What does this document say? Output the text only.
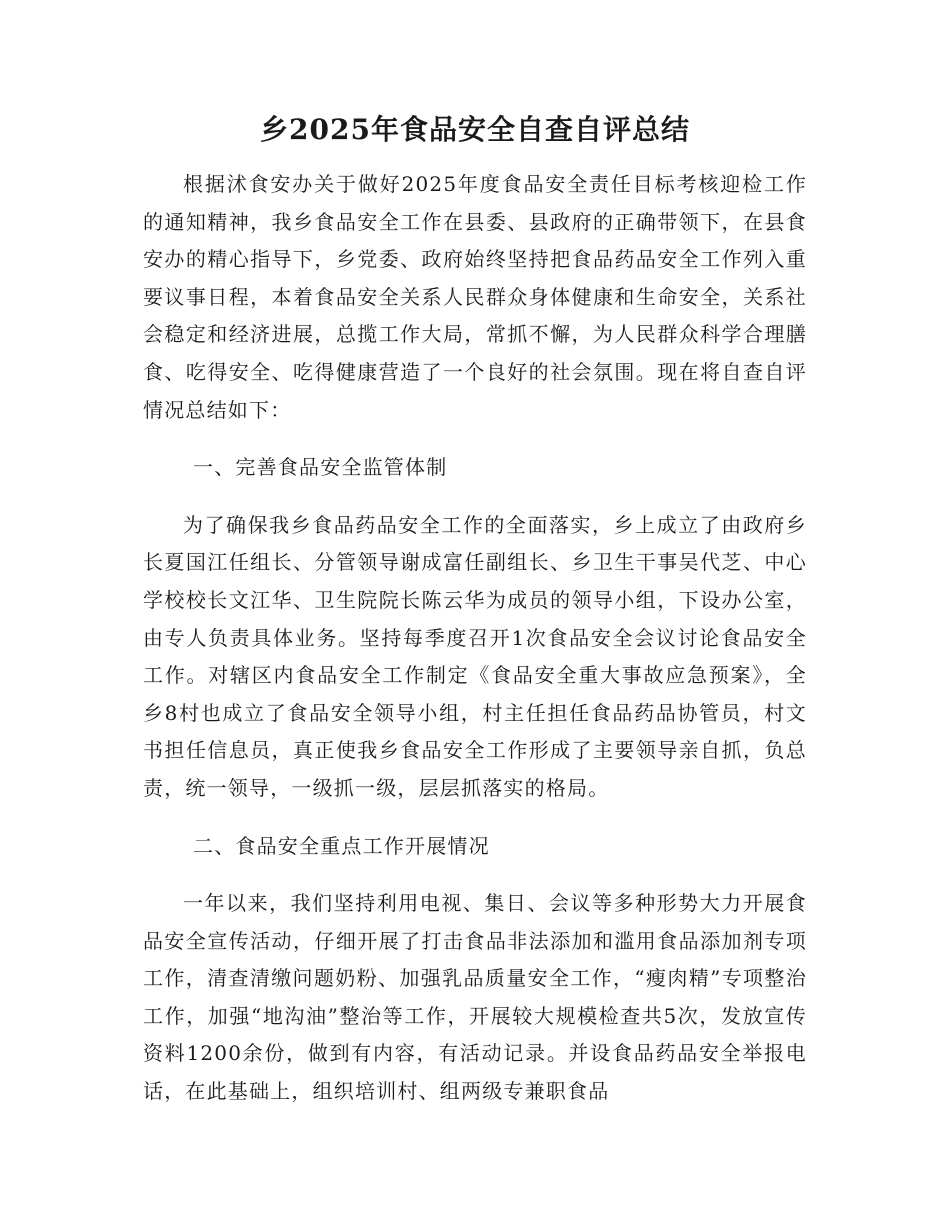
乡2025年食品安全自查自评总结

根据沭食安办关于做好2025年度食品安全责任目标考核迎检工作的通知精神，我乡食品安全工作在县委、县政府的正确带领下，在县食安办的精心指导下，乡党委、政府始终坚持把食品药品安全工作列入重要议事日程，本着食品安全关系人民群众身体健康和生命安全，关系社会稳定和经济进展，总揽工作大局，常抓不懈，为人民群众科学合理膳食、吃得安全、吃得健康营造了一个良好的社会氛围。现在将自查自评情况总结如下：

一、完善食品安全监管体制

为了确保我乡食品药品安全工作的全面落实，乡上成立了由政府乡长夏国江任组长、分管领导谢成富任副组长、乡卫生干事吴代芝、中心学校校长文江华、卫生院院长陈云华为成员的领导小组，下设办公室，由专人负责具体业务。坚持每季度召开1次食品安全会议讨论食品安全工作。对辖区内食品安全工作制定《食品安全重大事故应急预案》，全乡8村也成立了食品安全领导小组，村主任担任食品药品协管员，村文书担任信息员，真正使我乡食品安全工作形成了主要领导亲自抓，负总责，统一领导，一级抓一级，层层抓落实的格局。

二、食品安全重点工作开展情况

一年以来，我们坚持利用电视、集日、会议等多种形势大力开展食品安全宣传活动，仔细开展了打击食品非法添加和滥用食品添加剂专项工作，清查清缴问题奶粉、加强乳品质量安全工作，“瘦肉精”专项整治工作，加强“地沟油”整治等工作，开展较大规模检查共5次，发放宣传资料1200余份，做到有内容，有活动记录。并设食品药品安全举报电话，在此基础上，组织培训村、组两级专兼职食品
